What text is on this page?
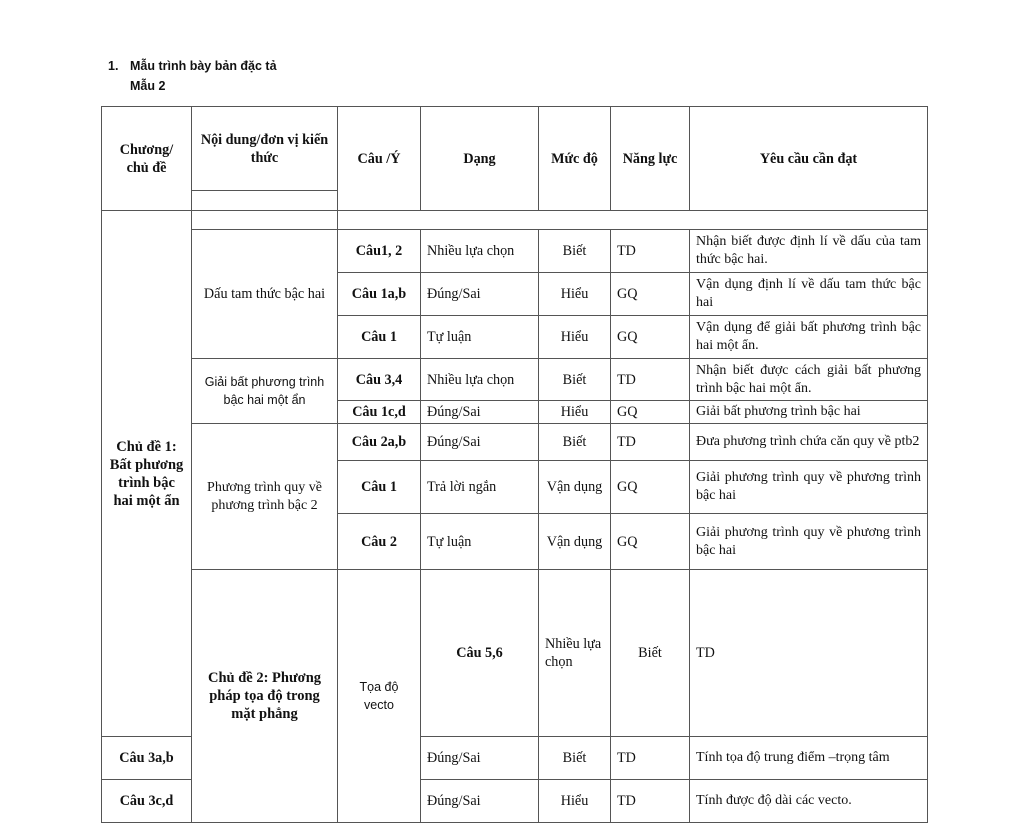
1. Mẫu trình bày bản đặc tả
Mẫu 2
Chương/ chủ đề	Nội dung/đơn vị kiến thức	Câu /Ý	Dạng	Mức độ	Năng lực	Yêu cầu cần đạt	

Chủ đề 1: Bất phương trình bậc hai một ẩn							
	Dấu tam thức bậc hai	Câu1, 2	Nhiều lựa chọn	Biết	TD	Nhận biết được định lí về dấu của tam thức bậc hai.	
		Câu 1a,b	Đúng/Sai	Hiểu	GQ	Vận dụng định lí về dấu tam thức bậc hai	
		Câu 1	Tự luận	Hiểu	GQ	Vận dụng để giải bất phương trình bậc hai một ẩn.	
	Giải bất phương trình bậc hai một ẩn	Câu 3,4	Nhiều lựa chọn	Biết	TD	Nhận biết được cách giải bất phương trình bậc hai một ẩn.	
		Câu 1c,d	Đúng/Sai	Hiểu	GQ	Giải bất phương trình bậc hai	
	Phương trình quy về phương trình bậc 2	Câu 2a,b	Đúng/Sai	Biết	TD	Đưa phương trình chứa căn quy về ptb2	
		Câu 1	Trả lời ngắn	Vận dụng	GQ	Giải phương trình quy về phương trình bậc hai	
		Câu 2	Tự luận	Vận dụng	GQ	Giải phương trình quy về phương trình bậc hai	
	Chủ đề 2: Phương pháp tọa độ trong mặt phẳng	Tọa độ vecto	Câu 5,6	Nhiều lựa chọn	Biết	TD	
Câu 3a,b			Đúng/Sai	Biết	TD	Tính tọa độ trung điểm –trọng tâm	
Câu 3c,d			Đúng/Sai	Hiểu	TD	Tính được độ dài các vecto.	
